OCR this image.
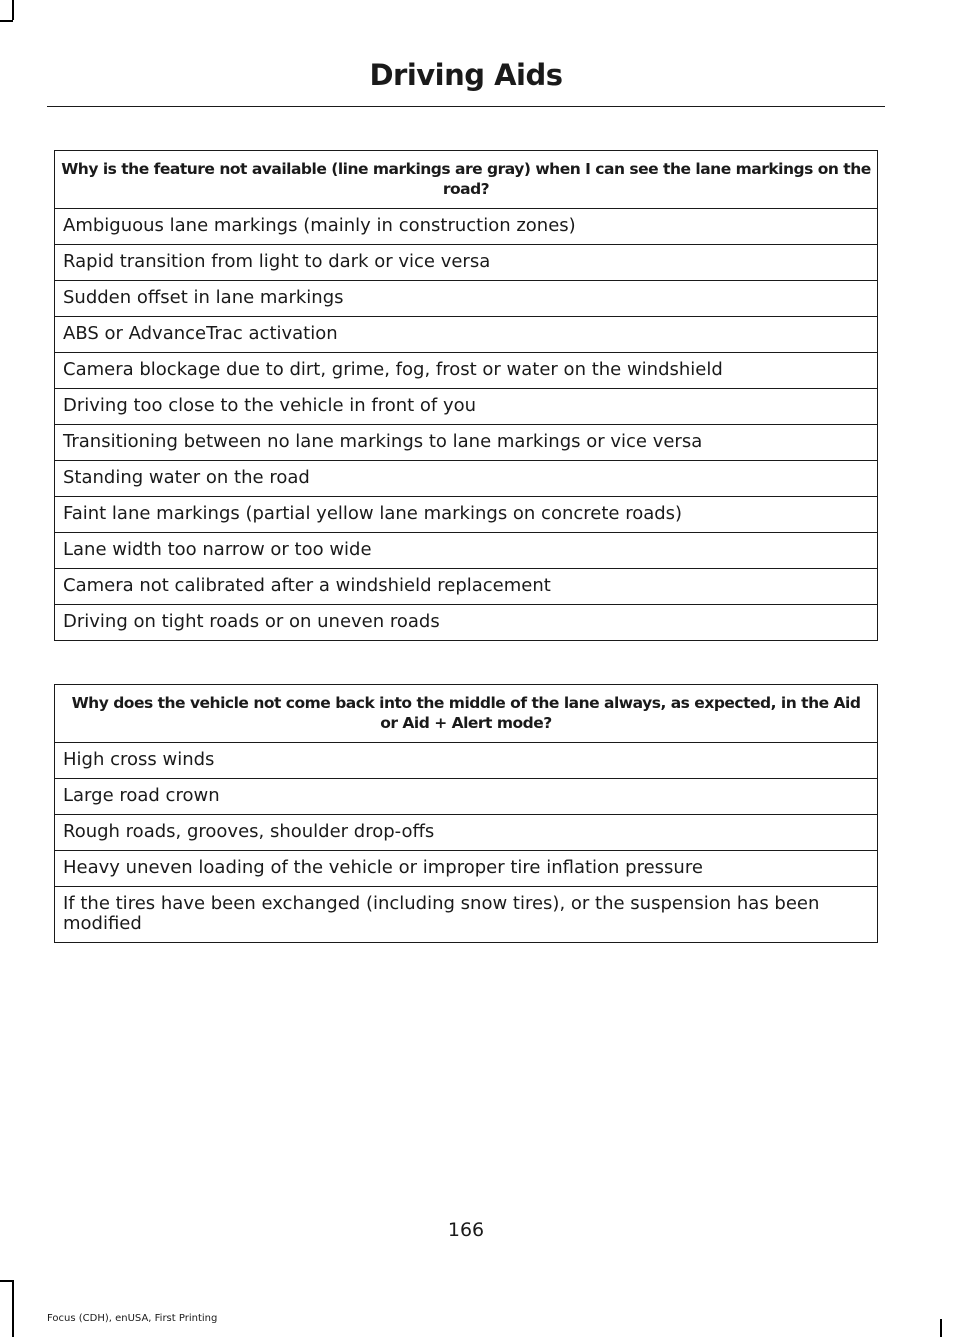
Driving Aids
Why is the feature not available (line markings are gray) when I can see the lane markings on the road?
Ambiguous lane markings (mainly in construction zones)
Rapid transition from light to dark or vice versa
Sudden offset in lane markings
ABS or AdvanceTrac activation
Camera blockage due to dirt, grime, fog, frost or water on the windshield
Driving too close to the vehicle in front of you
Transitioning between no lane markings to lane markings or vice versa
Standing water on the road
Faint lane markings (partial yellow lane markings on concrete roads)
Lane width too narrow or too wide
Camera not calibrated after a windshield replacement
Driving on tight roads or on uneven roads
Why does the vehicle not come back into the middle of the lane always, as expected, in the Aid or Aid + Alert mode?
High cross winds
Large road crown
Rough roads, grooves, shoulder drop-offs
Heavy uneven loading of the vehicle or improper tire inflation pressure
If the tires have been exchanged (including snow tires), or the suspension has been modified
166
Focus (CDH), enUSA, First Printing
